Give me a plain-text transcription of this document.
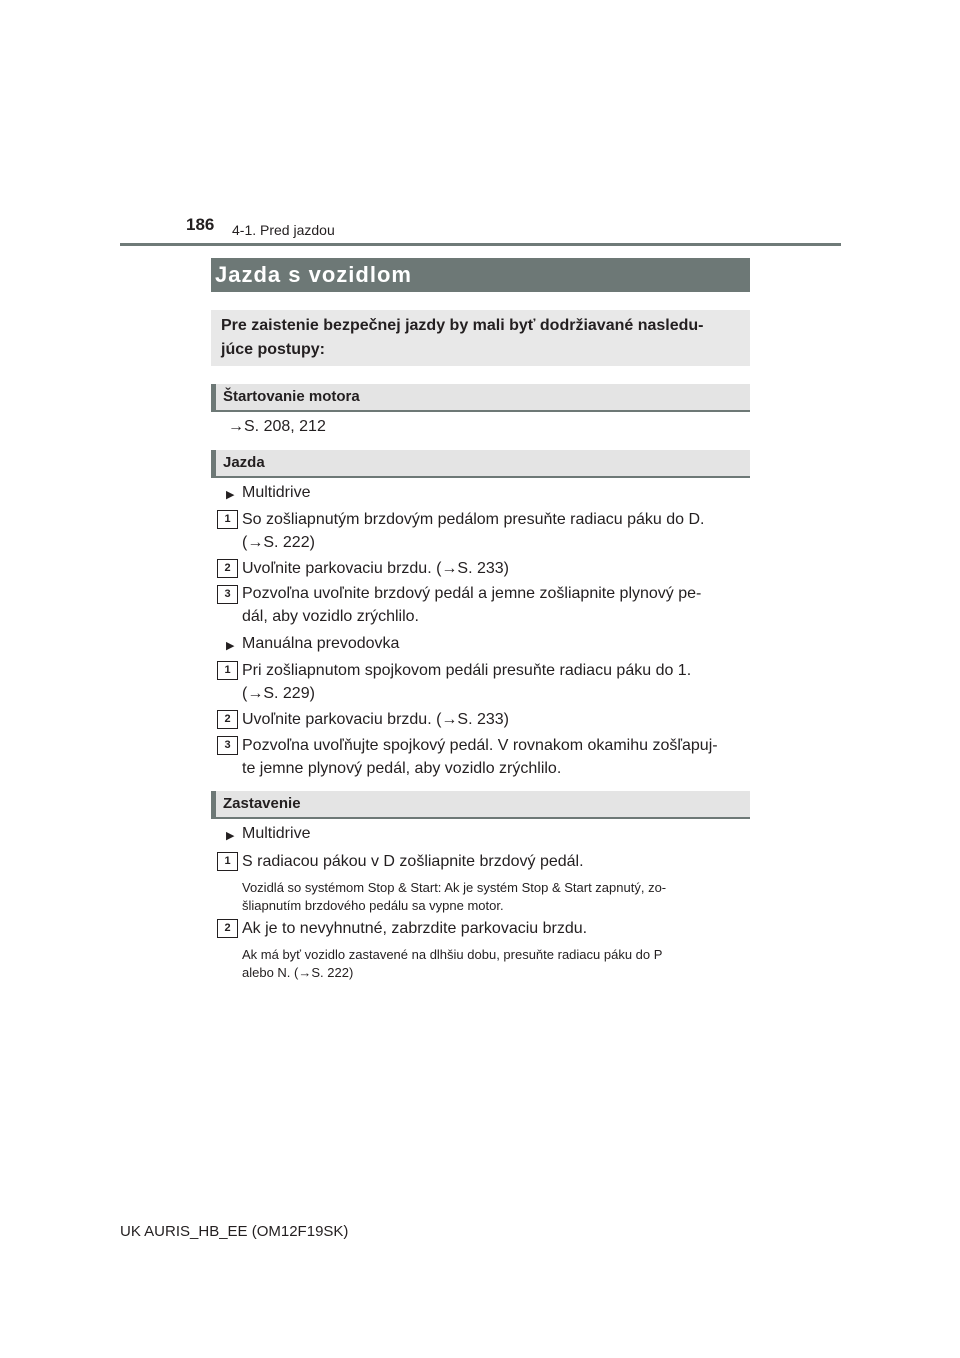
186 4-1. Pred jazdou
Jazda s vozidlom
Pre zaistenie bezpečnej jazdy by mali byť dodržiavané nasledu-
júce postupy:
Štartovanie motora
→S. 208, 212
Jazda
▶ Multidrive
1 So zošliapnutým brzdovým pedálom presuňte radiacu páku do D.
(→S. 222)
2 Uvoľnite parkovaciu brzdu. (→S. 233)
3 Pozvoľna uvoľnite brzdový pedál a jemne zošliapnite plynový pe-
dál, aby vozidlo zrýchlilo.
▶ Manuálna prevodovka
1 Pri zošliapnutom spojkovom pedáli presuňte radiacu páku do 1.
(→S. 229)
2 Uvoľnite parkovaciu brzdu. (→S. 233)
3 Pozvoľna uvoľňujte spojkový pedál. V rovnakom okamihu zošľapuj-
te jemne plynový pedál, aby vozidlo zrýchlilo.
Zastavenie
▶ Multidrive
1 S radiacou pákou v D zošliapnite brzdový pedál.
Vozidlá so systémom Stop & Start: Ak je systém Stop & Start zapnutý, zo-
šliapnutím brzdového pedálu sa vypne motor.
2 Ak je to nevyhnutné, zabrzdite parkovaciu brzdu.
Ak má byť vozidlo zastavené na dlhšiu dobu, presuňte radiacu páku do P
alebo N. (→S. 222)
UK AURIS_HB_EE (OM12F19SK)
